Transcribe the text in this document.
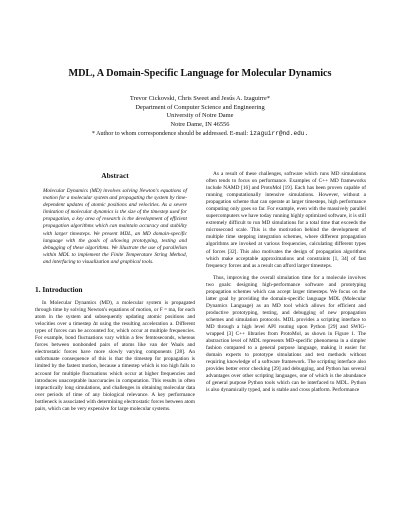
MDL, A Domain-Specific Language for Molecular Dynamics
Trevor Cickovski, Chris Sweet and Jesús A. Izaguirre*
Department of Computer Science and Engineering
University of Notre Dame
Notre Dame, IN 46556
* Author to whom correspondence should be addressed. E-mail: izaguirr@nd.edu.

Abstract

Molecular Dynamics (MD) involves solving Newton's equations of motion for a molecular system and propagating the system by time-dependent updates of atomic positions and velocities. As a severe limitation of molecular dynamics is the size of the timestep used for propagation, a key area of research is the development of efficient propagation algorithms which can maintain accuracy and stability with larger timesteps. We present MDL, an MD domain-specific language with the goals of allowing prototyping, testing and debugging of these algorithms. We illustrate the use of parallelism within MDL to implement the Finite Temperature String Method, and interfacing to visualization and graphical tools.

1. Introduction

In Molecular Dynamics (MD), a molecular system is propagated through time by solving Newton's equations of motion, or F = ma, for each atom in the system and subsequently updating atomic positions and velocities over a timestep Δt using the resulting acceleration a. Different types of forces can be accounted for, which occur at multiple frequencies. For example, bond fluctuations vary within a few femtoseconds, whereas forces between nonbonded pairs of atoms like van der Waals and electrostatic forces have more slowly varying components [28]. An unfortunate consequence of this is that the timestep for propagation is limited by the fastest motion, because a timestep which is too high fails to account for multiple fluctuations which occur at higher frequencies and introduces unacceptable inaccuracies in computation. This results in often impractically long simulations, and challenges in obtaining molecular data over periods of time of any biological relevance. A key performance bottleneck is associated with determining electrostatic forces between atom pairs, which can be very expensive for large molecular systems.

As a result of these challenges, software which runs MD simulations often tends to focus on performance. Examples of C++ MD frameworks include NAMD [16] and ProtoMol [19]. Each has been proven capable of running computationally intensive simulations. However, without a propagation scheme that can operate at larger timesteps, high performance computing only goes so far. For example, even with the massively parallel supercomputers we have today running highly optimized software, it is still extremely difficult to run MD simulations for a total time that exceeds the microsecond scale. This is the motivation behind the development of multiple time stepping integration schemes, where different propagation algorithms are invoked at various frequencies, calculating different types of forces [32]. This also motivates the design of propagation algorithms which make acceptable approximations and constraints [1, 34] of fast frequency forces and as a result can afford larger timesteps.

Thus, improving the overall simulation time for a molecule involves two goals: designing high-performance software and prototyping propagation schemes which can accept larger timesteps. We focus on the latter goal by providing the domain-specific language MDL (Molecular Dynamics Language) as an MD tool which allows for efficient and productive prototyping, testing, and debugging of new propagation schemes and simulation protocols. MDL provides a scripting interface to MD through a high level API routing upon Python [29] and SWIG-wrapped [3] C++ libraries from ProtoMol, as shown in Figure 1. The abstraction level of MDL represents MD-specific phenomena in a simpler fashion compared to a general purpose language, making it easier for domain experts to prototype simulations and test methods without requiring knowledge of a software framework. The scripting interface also provides better error checking [29] and debugging, and Python has several advantages over other scripting languages, one of which is the abundance of general purpose Python tools which can be interfaced to MDL. Python is also dynamically typed, and is stable and cross platform. Performance
